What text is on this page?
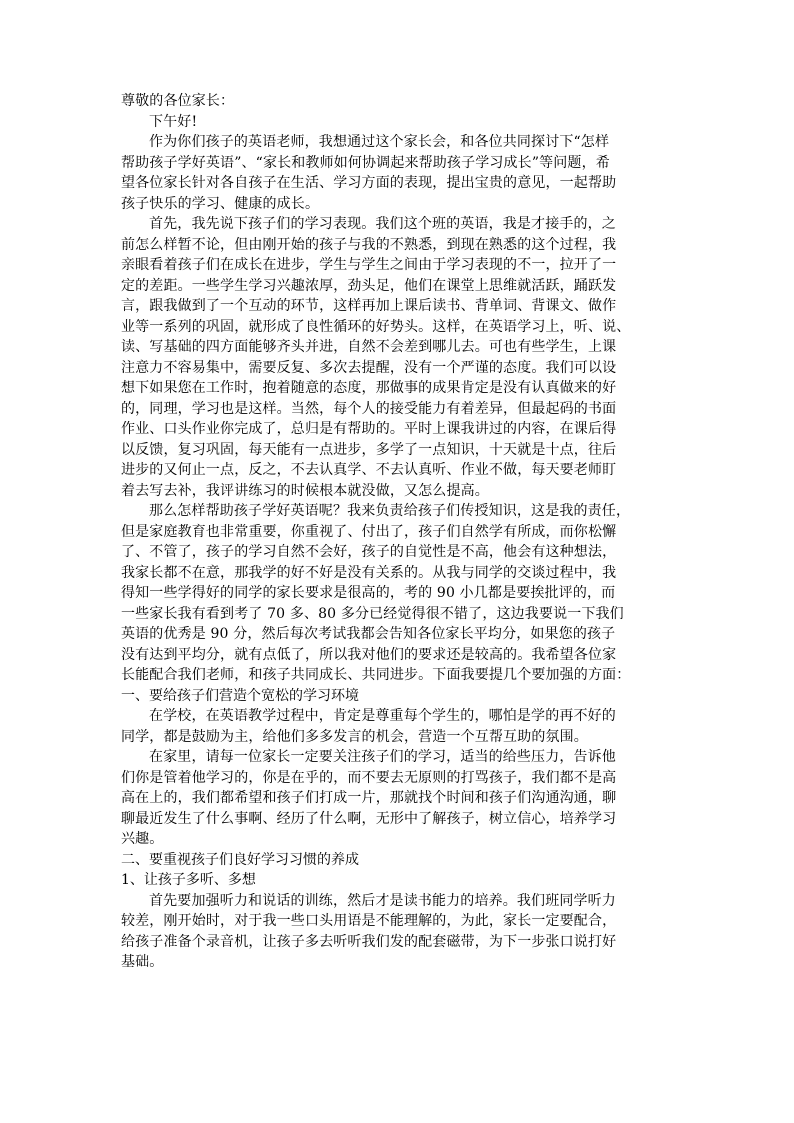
尊敬的各位家长：
下午好!
作为你们孩子的英语老师，我想通过这个家长会，和各位共同探讨下“怎样
帮助孩子学好英语”、“家长和教师如何协调起来帮助孩子学习成长”等问题，希
望各位家长针对各自孩子在生活、学习方面的表现，提出宝贵的意见，一起帮助
孩子快乐的学习、健康的成长。
首先，我先说下孩子们的学习表现。我们这个班的英语，我是才接手的，之
前怎么样暂不论，但由刚开始的孩子与我的不熟悉，到现在熟悉的这个过程，我
亲眼看着孩子们在成长在进步，学生与学生之间由于学习表现的不一，拉开了一
定的差距。一些学生学习兴趣浓厚，劲头足，他们在课堂上思维就活跃，踊跃发
言，跟我做到了一个互动的环节，这样再加上课后读书、背单词、背课文、做作
业等一系列的巩固，就形成了良性循环的好势头。这样，在英语学习上，听、说、
读、写基础的四方面能够齐头并进，自然不会差到哪儿去。可也有些学生，上课
注意力不容易集中，需要反复、多次去提醒，没有一个严谨的态度。我们可以设
想下如果您在工作时，抱着随意的态度，那做事的成果肯定是没有认真做来的好
的，同理，学习也是这样。当然，每个人的接受能力有着差异，但最起码的书面
作业、口头作业你完成了，总归是有帮助的。平时上课我讲过的内容，在课后得
以反馈，复习巩固，每天能有一点进步，多学了一点知识，十天就是十点，往后
进步的又何止一点，反之，不去认真学、不去认真听、作业不做，每天要老师盯
着去写去补，我评讲练习的时候根本就没做，又怎么提高。
那么怎样帮助孩子学好英语呢？我来负责给孩子们传授知识，这是我的责任，
但是家庭教育也非常重要，你重视了、付出了，孩子们自然学有所成，而你松懈
了、不管了，孩子的学习自然不会好，孩子的自觉性是不高，他会有这种想法，
我家长都不在意，那我学的好不好是没有关系的。从我与同学的交谈过程中，我
得知一些学得好的同学的家长要求是很高的，考的 90 小几都是要挨批评的，而
一些家长我有看到考了 70 多、80 多分已经觉得很不错了，这边我要说一下我们
英语的优秀是 90 分，然后每次考试我都会告知各位家长平均分，如果您的孩子
没有达到平均分，就有点低了，所以我对他们的要求还是较高的。我希望各位家
长能配合我们老师，和孩子共同成长、共同进步。下面我要提几个要加强的方面：
一、要给孩子们营造个宽松的学习环境
在学校，在英语教学过程中，肯定是尊重每个学生的，哪怕是学的再不好的
同学，都是鼓励为主，给他们多多发言的机会，营造一个互帮互助的氛围。
在家里，请每一位家长一定要关注孩子们的学习，适当的给些压力，告诉他
们你是管着他学习的，你是在乎的，而不要去无原则的打骂孩子，我们都不是高
高在上的，我们都希望和孩子们打成一片，那就找个时间和孩子们沟通沟通，聊
聊最近发生了什么事啊、经历了什么啊，无形中了解孩子，树立信心，培养学习
兴趣。
二、要重视孩子们良好学习习惯的养成
1、让孩子多听、多想
首先要加强听力和说话的训练，然后才是读书能力的培养。我们班同学听力
较差，刚开始时，对于我一些口头用语是不能理解的，为此，家长一定要配合，
给孩子准备个录音机，让孩子多去听听我们发的配套磁带，为下一步张口说打好
基础。
